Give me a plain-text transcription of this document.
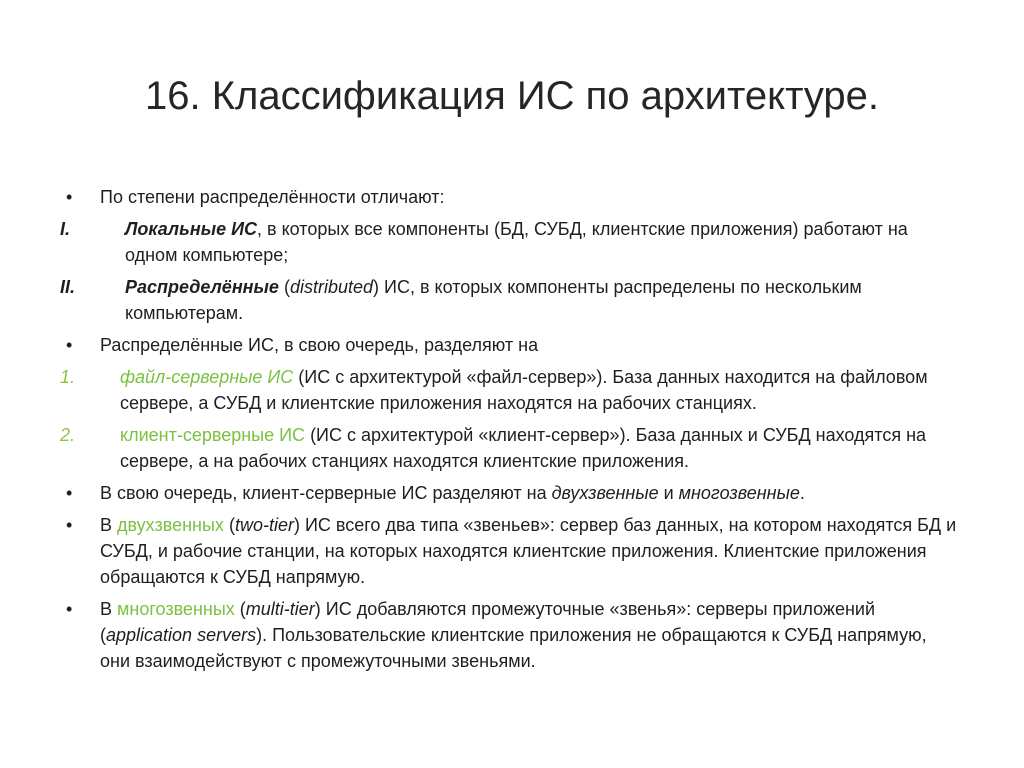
16. Классификация ИС по архитектуре.
•	По степени распределённости отличают:
I.	Локальные ИС, в которых все компоненты (БД, СУБД, клиентские приложения) работают на одном компьютере;
II.	Распределённые (distributed) ИС, в которых компоненты распределены по нескольким компьютерам.
•	Распределённые ИС, в свою очередь, разделяют на
1.	файл-серверные ИС (ИС с архитектурой «файл-сервер»). База данных находится на файловом сервере, а СУБД и клиентские приложения находятся на рабочих станциях.
2.	клиент-серверные ИС (ИС с архитектурой «клиент-сервер»). База данных и СУБД находятся на сервере, а на рабочих станциях находятся клиентские приложения.
•	В свою очередь, клиент-серверные ИС разделяют на двухзвенные и многозвенные.
•	В двухзвенных (two-tier) ИС всего два типа «звеньев»: сервер баз данных, на котором находятся БД и СУБД, и рабочие станции, на которых находятся клиентские приложения. Клиентские приложения обращаются к СУБД напрямую.
•	В многозвенных (multi-tier) ИС добавляются промежуточные «звенья»: серверы приложений (application servers). Пользовательские клиентские приложения не обращаются к СУБД напрямую, они взаимодействуют с промежуточными звеньями.
